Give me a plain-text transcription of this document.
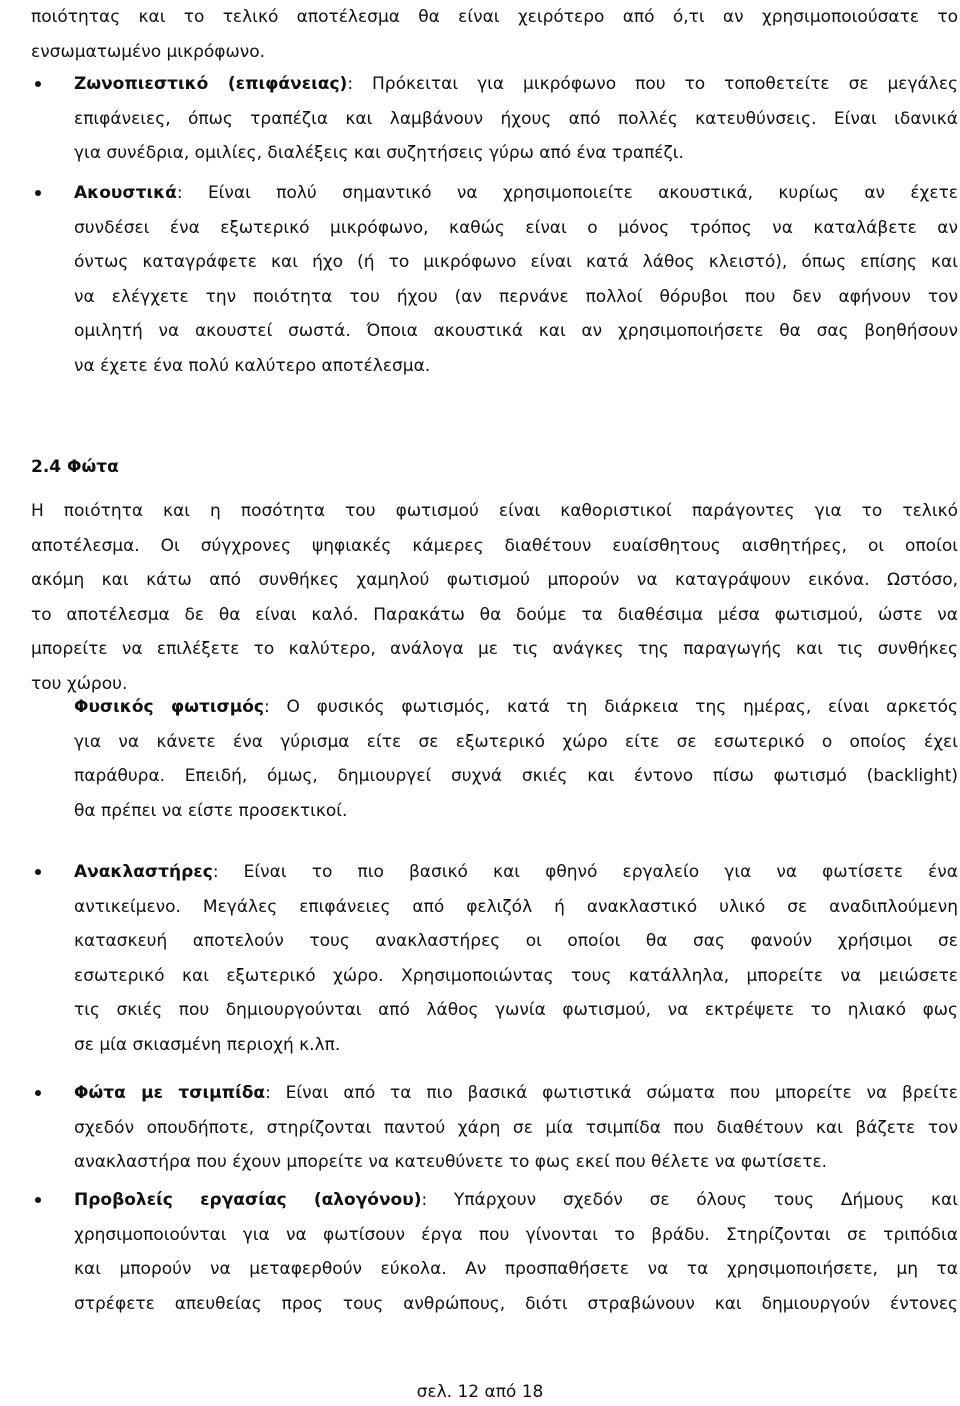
ποιότητας και το τελικό αποτέλεσμα θα είναι χειρότερο από ό,τι αν χρησιμοποιούσατε το
ενσωματωμένο μικρόφωνο.
Ζωνοπιεστικό (επιφάνειας): Πρόκειται για μικρόφωνο που το τοποθετείτε σε μεγάλες
επιφάνειες, όπως τραπέζια και λαμβάνουν ήχους από πολλές κατευθύνσεις. Είναι ιδανικά
για συνέδρια, ομιλίες, διαλέξεις και συζητήσεις γύρω από ένα τραπέζι.
Ακουστικά: Είναι πολύ σημαντικό να χρησιμοποιείτε ακουστικά, κυρίως αν έχετε
συνδέσει ένα εξωτερικό μικρόφωνο, καθώς είναι ο μόνος τρόπος να καταλάβετε αν
όντως καταγράφετε και ήχο (ή το μικρόφωνο είναι κατά λάθος κλειστό), όπως επίσης και
να ελέγχετε την ποιότητα του ήχου (αν περνάνε πολλοί θόρυβοι που δεν αφήνουν τον
ομιλητή να ακουστεί σωστά. Όποια ακουστικά και αν χρησιμοποιήσετε θα σας βοηθήσουν
να έχετε ένα πολύ καλύτερο αποτέλεσμα.
2.4 Φώτα
Η ποιότητα και η ποσότητα του φωτισμού είναι καθοριστικοί παράγοντες για το τελικό
αποτέλεσμα. Οι σύγχρονες ψηφιακές κάμερες διαθέτουν ευαίσθητους αισθητήρες, οι οποίοι
ακόμη και κάτω από συνθήκες χαμηλού φωτισμού μπορούν να καταγράψουν εικόνα. Ωστόσο,
το αποτέλεσμα δε θα είναι καλό. Παρακάτω θα δούμε τα διαθέσιμα μέσα φωτισμού, ώστε να
μπορείτε να επιλέξετε το καλύτερο, ανάλογα με τις ανάγκες της παραγωγής και τις συνθήκες
του χώρου.
Φυσικός φωτισμός: Ο φυσικός φωτισμός, κατά τη διάρκεια της ημέρας, είναι αρκετός
για να κάνετε ένα γύρισμα είτε σε εξωτερικό χώρο είτε σε εσωτερικό ο οποίος έχει
παράθυρα. Επειδή, όμως, δημιουργεί συχνά σκιές και έντονο πίσω φωτισμό (backlight)
θα πρέπει να είστε προσεκτικοί.
Ανακλαστήρες: Είναι το πιο βασικό και φθηνό εργαλείο για να φωτίσετε ένα
αντικείμενο. Μεγάλες επιφάνειες από φελιζόλ ή ανακλαστικό υλικό σε αναδιπλούμενη
κατασκευή αποτελούν τους ανακλαστήρες οι οποίοι θα σας φανούν χρήσιμοι σε
εσωτερικό και εξωτερικό χώρο. Χρησιμοποιώντας τους κατάλληλα, μπορείτε να μειώσετε
τις σκιές που δημιουργούνται από λάθος γωνία φωτισμού, να εκτρέψετε το ηλιακό φως
σε μία σκιασμένη περιοχή κ.λπ.
Φώτα με τσιμπίδα: Είναι από τα πιο βασικά φωτιστικά σώματα που μπορείτε να βρείτε
σχεδόν οπουδήποτε, στηρίζονται παντού χάρη σε μία τσιμπίδα που διαθέτουν και βάζετε τον
ανακλαστήρα που έχουν μπορείτε να κατευθύνετε το φως εκεί που θέλετε να φωτίσετε.
Προβολείς εργασίας (αλογόνου): Υπάρχουν σχεδόν σε όλους τους Δήμους και
χρησιμοποιούνται για να φωτίσουν έργα που γίνονται το βράδυ. Στηρίζονται σε τριπόδια
και μπορούν να μεταφερθούν εύκολα. Αν προσπαθήσετε να τα χρησιμοποιήσετε, μη τα
στρέφετε απευθείας προς τους ανθρώπους, διότι στραβώνουν και δημιουργούν έντονες
σελ. 12 από 18
